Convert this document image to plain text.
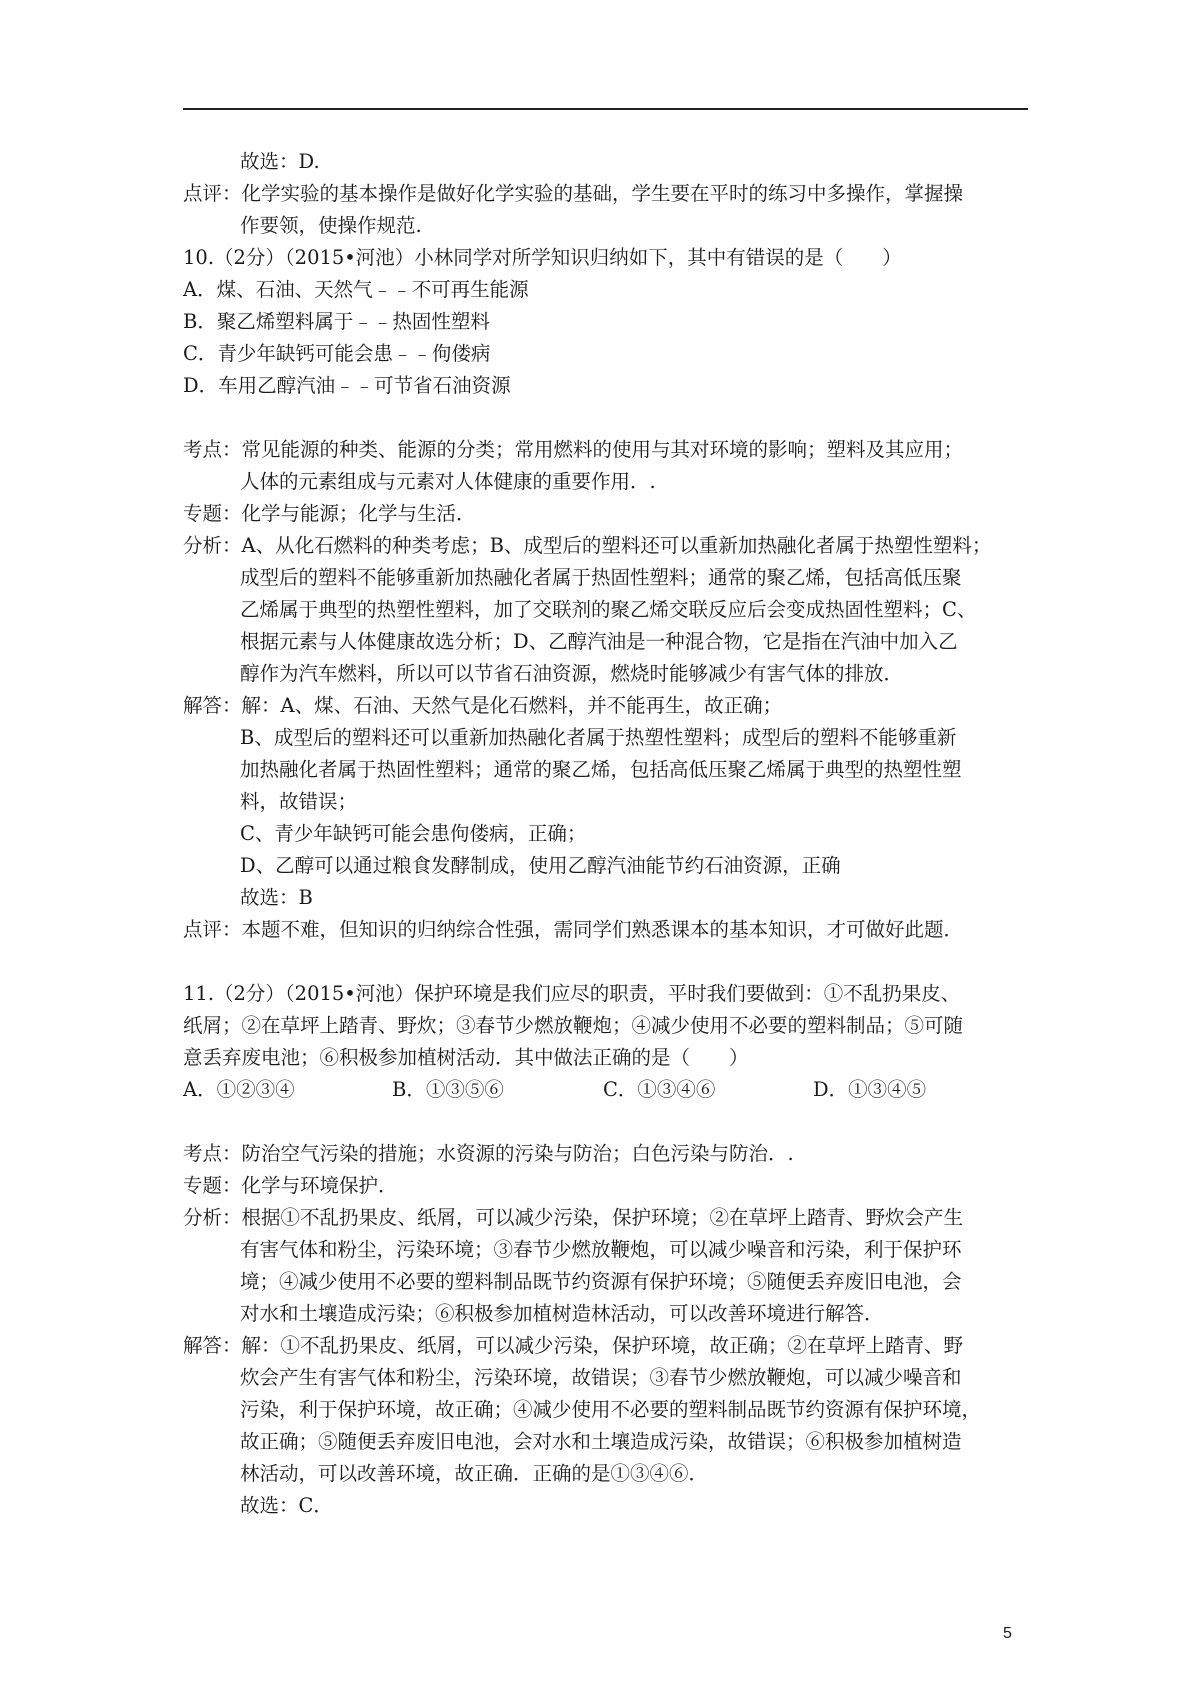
故选：D.
点评：化学实验的基本操作是做好化学实验的基础，学生要在平时的练习中多操作，掌握操
作要领，使操作规范.
10.（2分）（2015•河池）小林同学对所学知识归纳如下，其中有错误的是（　　）
A．煤、石油、天然气﹣﹣不可再生能源
B．聚乙烯塑料属于﹣﹣热固性塑料
C．青少年缺钙可能会患﹣﹣佝偻病
D．车用乙醇汽油﹣﹣可节省石油资源
考点：常见能源的种类、能源的分类；常用燃料的使用与其对环境的影响；塑料及其应用；
人体的元素组成与元素对人体健康的重要作用．.
专题：化学与能源；化学与生活．
分析：A、从化石燃料的种类考虑；B、成型后的塑料还可以重新加热融化者属于热塑性塑料；
成型后的塑料不能够重新加热融化者属于热固性塑料；通常的聚乙烯，包括高低压聚
乙烯属于典型的热塑性塑料，加了交联剂的聚乙烯交联反应后会变成热固性塑料；C、
根据元素与人体健康故选分析；D、乙醇汽油是一种混合物，它是指在汽油中加入乙
醇作为汽车燃料，所以可以节省石油资源，燃烧时能够减少有害气体的排放．
解答：解：A、煤、石油、天然气是化石燃料，并不能再生，故正确；
B、成型后的塑料还可以重新加热融化者属于热塑性塑料；成型后的塑料不能够重新
加热融化者属于热固性塑料；通常的聚乙烯，包括高低压聚乙烯属于典型的热塑性塑
料，故错误；
C、青少年缺钙可能会患佝偻病，正确；
D、乙醇可以通过粮食发酵制成，使用乙醇汽油能节约石油资源，正确
故选：B
点评：本题不难，但知识的归纳综合性强，需同学们熟悉课本的基本知识，才可做好此题．
11.（2分）（2015•河池）保护环境是我们应尽的职责，平时我们要做到：①不乱扔果皮、
纸屑；②在草坪上踏青、野炊；③春节少燃放鞭炮；④减少使用不必要的塑料制品；⑤可随
意丢弃废电池；⑥积极参加植树活动．其中做法正确的是（　　）
A．①②③④	B．①③⑤⑥	C．①③④⑥	D．①③④⑤
考点：防治空气污染的措施；水资源的污染与防治；白色污染与防治．.
专题：化学与环境保护．
分析：根据①不乱扔果皮、纸屑，可以减少污染，保护环境；②在草坪上踏青、野炊会产生
有害气体和粉尘，污染环境；③春节少燃放鞭炮，可以减少噪音和污染，利于保护环
境；④减少使用不必要的塑料制品既节约资源有保护环境；⑤随便丢弃废旧电池，会
对水和土壤造成污染；⑥积极参加植树造林活动，可以改善环境进行解答．
解答：解：①不乱扔果皮、纸屑，可以减少污染，保护环境，故正确；②在草坪上踏青、野
炊会产生有害气体和粉尘，污染环境，故错误；③春节少燃放鞭炮，可以减少噪音和
污染，利于保护环境，故正确；④减少使用不必要的塑料制品既节约资源有保护环境，
故正确；⑤随便丢弃废旧电池，会对水和土壤造成污染，故错误；⑥积极参加植树造
林活动，可以改善环境，故正确．正确的是①③④⑥．
故选：C．
5
